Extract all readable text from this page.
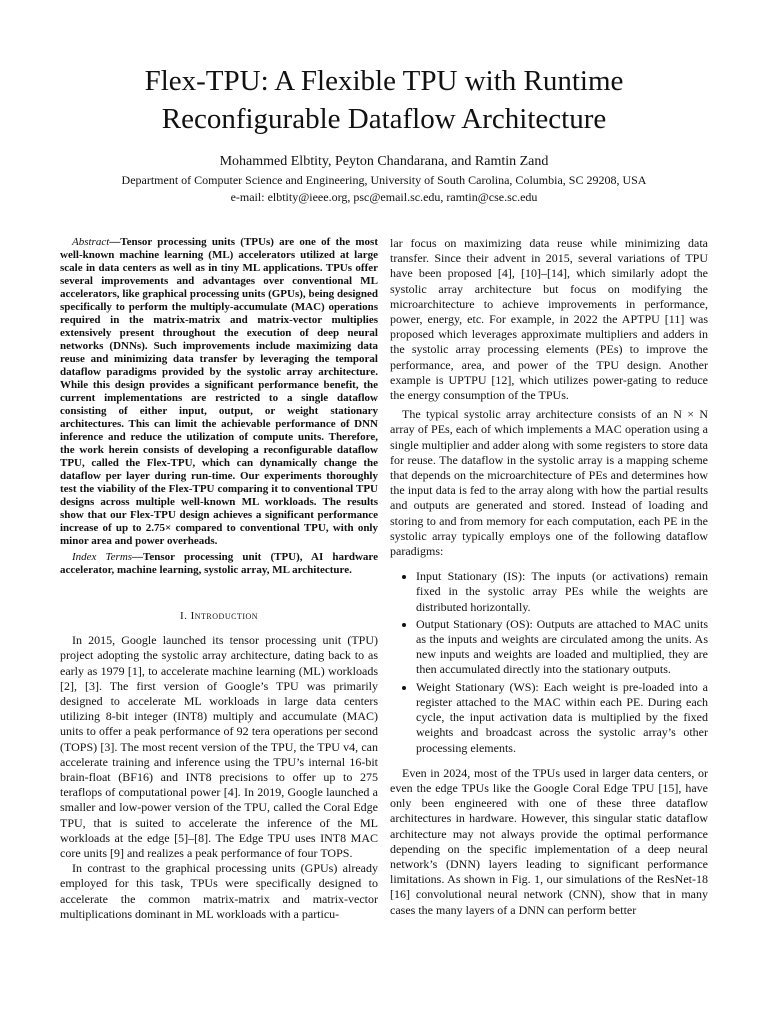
Flex-TPU: A Flexible TPU with Runtime Reconfigurable Dataflow Architecture

Mohammed Elbtity, Peyton Chandarana, and Ramtin Zand

Department of Computer Science and Engineering, University of South Carolina, Columbia, SC 29208, USA
e-mail: elbtity@ieee.org, psc@email.sc.edu, ramtin@cse.sc.edu

Abstract—Tensor processing units (TPUs) are one of the most well-known machine learning (ML) accelerators utilized at large scale in data centers as well as in tiny ML applications. TPUs offer several improvements and advantages over conventional ML accelerators, like graphical processing units (GPUs), being designed specifically to perform the multiply-accumulate (MAC) operations required in the matrix-matrix and matrix-vector multiplies extensively present throughout the execution of deep neural networks (DNNs). Such improvements include maximizing data reuse and minimizing data transfer by leveraging the temporal dataflow paradigms provided by the systolic array architecture. While this design provides a significant performance benefit, the current implementations are restricted to a single dataflow consisting of either input, output, or weight stationary architectures. This can limit the achievable performance of DNN inference and reduce the utilization of compute units. Therefore, the work herein consists of developing a reconfigurable dataflow TPU, called the Flex-TPU, which can dynamically change the dataflow per layer during run-time. Our experiments thoroughly test the viability of the Flex-TPU comparing it to conventional TPU designs across multiple well-known ML workloads. The results show that our Flex-TPU design achieves a significant performance increase of up to 2.75× compared to conventional TPU, with only minor area and power overheads.

Index Terms—Tensor processing unit (TPU), AI hardware accelerator, machine learning, systolic array, ML architecture.

I. Introduction

In 2015, Google launched its tensor processing unit (TPU) project adopting the systolic array architecture, dating back to as early as 1979 [1], to accelerate machine learning (ML) workloads [2], [3]. The first version of Google’s TPU was primarily designed to accelerate ML workloads in large data centers utilizing 8-bit integer (INT8) multiply and accumulate (MAC) units to offer a peak performance of 92 tera operations per second (TOPS) [3]. The most recent version of the TPU, the TPU v4, can accelerate training and inference using the TPU’s internal 16-bit brain-float (BF16) and INT8 precisions to offer up to 275 teraflops of computational power [4]. In 2019, Google launched a smaller and low-power version of the TPU, called the Coral Edge TPU, that is suited to accelerate the inference of the ML workloads at the edge [5]–[8]. The Edge TPU uses INT8 MAC core units [9] and realizes a peak performance of four TOPS.

In contrast to the graphical processing units (GPUs) already employed for this task, TPUs were specifically designed to accelerate the common matrix-matrix and matrix-vector multiplications dominant in ML workloads with a particu-

lar focus on maximizing data reuse while minimizing data transfer. Since their advent in 2015, several variations of TPU have been proposed [4], [10]–[14], which similarly adopt the systolic array architecture but focus on modifying the microarchitecture to achieve improvements in performance, power, energy, etc. For example, in 2022 the APTPU [11] was proposed which leverages approximate multipliers and adders in the systolic array processing elements (PEs) to improve the performance, area, and power of the TPU design. Another example is UPTPU [12], which utilizes power-gating to reduce the energy consumption of the TPUs.

The typical systolic array architecture consists of an N × N array of PEs, each of which implements a MAC operation using a single multiplier and adder along with some registers to store data for reuse. The dataflow in the systolic array is a mapping scheme that depends on the microarchitecture of PEs and determines how the input data is fed to the array along with how the partial results and outputs are generated and stored. Instead of loading and storing to and from memory for each computation, each PE in the systolic array typically employs one of the following dataflow paradigms:

• Input Stationary (IS): The inputs (or activations) remain fixed in the systolic array PEs while the weights are distributed horizontally.
• Output Stationary (OS): Outputs are attached to MAC units as the inputs and weights are circulated among the units. As new inputs and weights are loaded and multiplied, they are then accumulated directly into the stationary outputs.
• Weight Stationary (WS): Each weight is pre-loaded into a register attached to the MAC within each PE. During each cycle, the input activation data is multiplied by the fixed weights and broadcast across the systolic array’s other processing elements.

Even in 2024, most of the TPUs used in larger data centers, or even the edge TPUs like the Google Coral Edge TPU [15], have only been engineered with one of these three dataflow architectures in hardware. However, this singular static dataflow architecture may not always provide the optimal performance depending on the specific implementation of a deep neural network’s (DNN) layers leading to significant performance limitations. As shown in Fig. 1, our simulations of the ResNet-18 [16] convolutional neural network (CNN), show that in many cases the many layers of a DNN can perform better
